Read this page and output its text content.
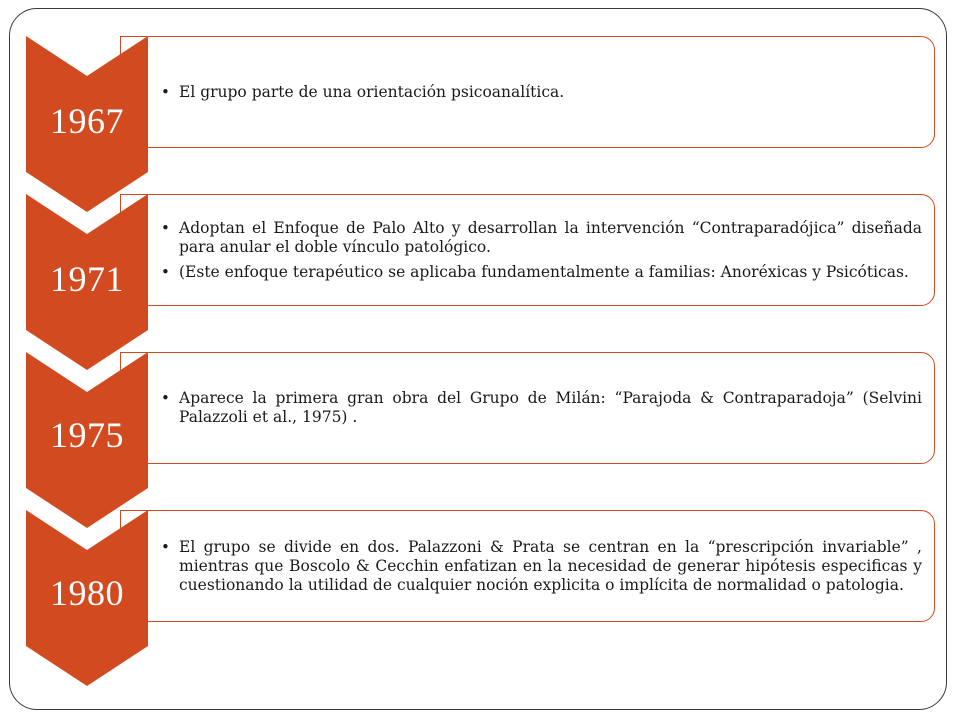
• El grupo parte de una orientación psicoanalítica.
1967
• Adoptan el Enfoque de Palo Alto y desarrollan la intervención “Contraparadójica” diseñada para anular el doble vínculo patológico.
• (Este enfoque terapéutico se aplicaba fundamentalmente a familias: Anoréxicas y Psicóticas.
1971
• Aparece la primera gran obra del Grupo de Milán: “Parajoda & Contraparadoja” (Selvini Palazzoli et al., 1975) .
1975
• El grupo se divide en dos. Palazzoni & Prata se centran en la “prescripción invariable” , mientras que Boscolo & Cecchin enfatizan en la necesidad de generar hipótesis especificas y cuestionando la utilidad de cualquier noción explicita o implícita de normalidad o patologia.
1980
